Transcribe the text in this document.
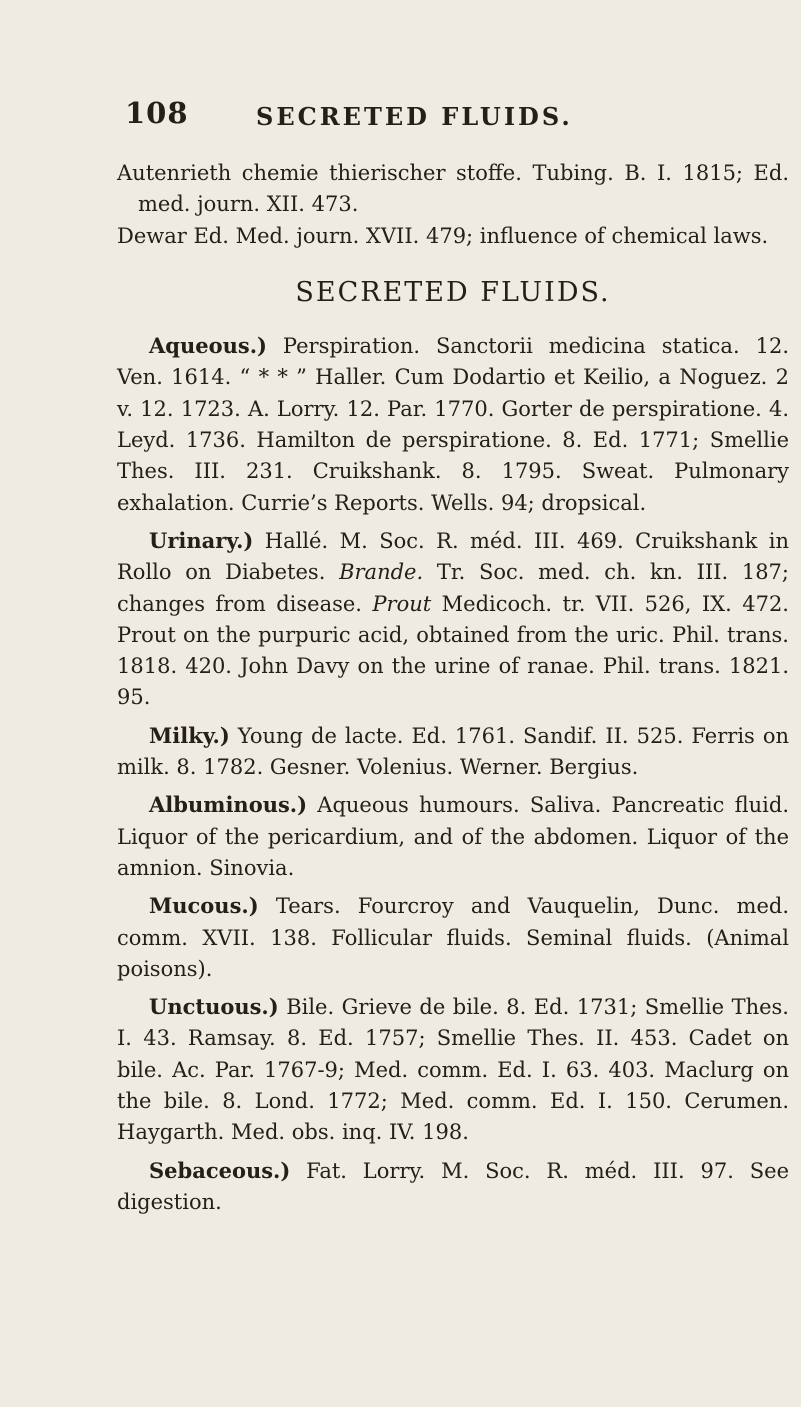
108	SECRETED FLUIDS.

Autenrieth chemie thierischer stoffe. Tubing. B. I. 1815; Ed. med. journ. XII. 473.

Dewar Ed. Med. journ. XVII. 479; influence of chemical laws.

SECRETED FLUIDS.

Aqueous.) Perspiration. Sanctorii medicina statica. 12. Ven. 1614. “ * * ” Haller. Cum Dodartio et Keilio, a Noguez. 2 v. 12. 1723. A. Lorry. 12. Par. 1770. Gorter de perspiratione. 4. Leyd. 1736. Hamilton de perspiratione. 8. Ed. 1771; Smellie Thes. III. 231. Cruikshank. 8. 1795. Sweat. Pulmonary exhalation. Currie’s Reports. Wells. 94; dropsical.

Urinary.) Hallé. M. Soc. R. méd. III. 469. Cruikshank in Rollo on Diabetes. Brande. Tr. Soc. med. ch. kn. III. 187; changes from disease. Prout Medicoch. tr. VII. 526, IX. 472. Prout on the purpuric acid, obtained from the uric. Phil. trans. 1818. 420. John Davy on the urine of ranae. Phil. trans. 1821. 95.

Milky.) Young de lacte. Ed. 1761. Sandif. II. 525. Ferris on milk. 8. 1782. Gesner. Volenius. Werner. Bergius.

Albuminous.) Aqueous humours. Saliva. Pancreatic fluid. Liquor of the pericardium, and of the abdomen. Liquor of the amnion. Sinovia.

Mucous.) Tears. Fourcroy and Vauquelin, Dunc. med. comm. XVII. 138. Follicular fluids. Seminal fluids. (Animal poisons).

Unctuous.) Bile. Grieve de bile. 8. Ed. 1731; Smellie Thes. I. 43. Ramsay. 8. Ed. 1757; Smellie Thes. II. 453. Cadet on bile. Ac. Par. 1767-9; Med. comm. Ed. I. 63. 403. Maclurg on the bile. 8. Lond. 1772; Med. comm. Ed. I. 150. Cerumen. Haygarth. Med. obs. inq. IV. 198.

Sebaceous.) Fat. Lorry. M. Soc. R. méd. III. 97. See digestion.
